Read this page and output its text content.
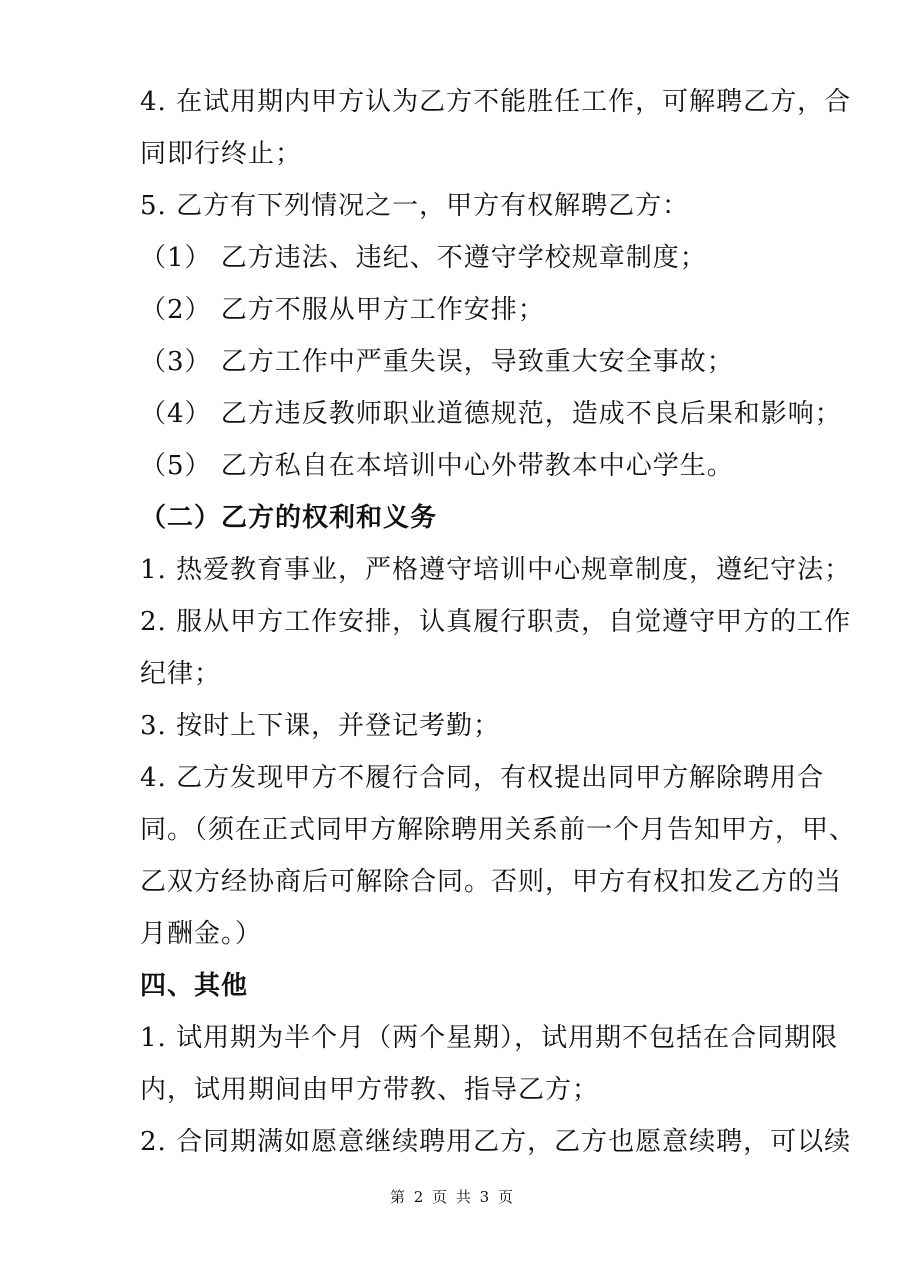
4. 在试用期内甲方认为乙方不能胜任工作，可解聘乙方，合
同即行终止；
5. 乙方有下列情况之一，甲方有权解聘乙方：
（1） 乙方违法、违纪、不遵守学校规章制度；
（2） 乙方不服从甲方工作安排；
（3） 乙方工作中严重失误，导致重大安全事故；
（4） 乙方违反教师职业道德规范，造成不良后果和影响；
（5） 乙方私自在本培训中心外带教本中心学生。
（二）乙方的权利和义务
1. 热爱教育事业，严格遵守培训中心规章制度，遵纪守法；
2. 服从甲方工作安排，认真履行职责，自觉遵守甲方的工作
纪律；
3. 按时上下课，并登记考勤；
4. 乙方发现甲方不履行合同，有权提出同甲方解除聘用合
同。（须在正式同甲方解除聘用关系前一个月告知甲方，甲、
乙双方经协商后可解除合同。否则，甲方有权扣发乙方的当
月酬金。）
四、其他
1. 试用期为半个月（两个星期），试用期不包括在合同期限
内，试用期间由甲方带教、指导乙方；
2. 合同期满如愿意继续聘用乙方，乙方也愿意续聘，可以续
第 2 页 共 3 页
